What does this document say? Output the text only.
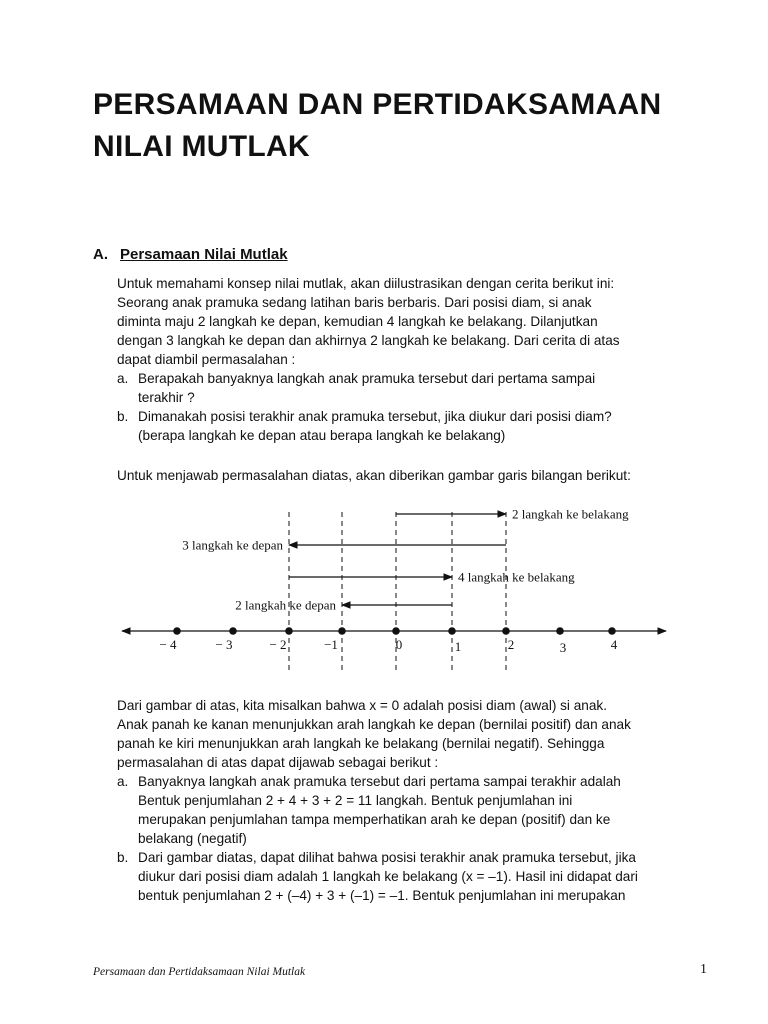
PERSAMAAN DAN PERTIDAKSAMAAN
NILAI MUTLAK
A. Persamaan Nilai Mutlak
Untuk memahami konsep nilai mutlak, akan diilustrasikan dengan cerita berikut ini:
Seorang anak pramuka sedang latihan baris berbaris. Dari posisi diam, si anak
diminta maju 2 langkah ke depan, kemudian 4 langkah ke belakang. Dilanjutkan
dengan 3 langkah ke depan dan akhirnya 2 langkah ke belakang. Dari cerita di atas
dapat diambil permasalahan :
a. Berapakah banyaknya langkah anak pramuka tersebut dari pertama sampai
terakhir ?
b. Dimanakah posisi terakhir anak pramuka tersebut, jika diukur dari posisi diam?
(berapa langkah ke depan atau berapa langkah ke belakang)
Untuk menjawab permasalahan diatas, akan diberikan gambar garis bilangan berikut:
− 4	− 3	− 2	−1	0	1	2	3	4
2 langkah ke belakang
3 langkah ke depan
4 langkah ke belakang
2 langkah ke depan
Dari gambar di atas, kita misalkan bahwa x = 0 adalah posisi diam (awal) si anak.
Anak panah ke kanan menunjukkan arah langkah ke depan (bernilai positif) dan anak
panah ke kiri menunjukkan arah langkah ke belakang (bernilai negatif). Sehingga
permasalahan di atas dapat dijawab sebagai berikut :
a. Banyaknya langkah anak pramuka tersebut dari pertama sampai terakhir adalah
Bentuk penjumlahan 2 + 4 + 3 + 2 = 11 langkah. Bentuk penjumlahan ini
merupakan penjumlahan tampa memperhatikan arah ke depan (positif) dan ke
belakang (negatif)
b. Dari gambar diatas, dapat dilihat bahwa posisi terakhir anak pramuka tersebut, jika
diukur dari posisi diam adalah 1 langkah ke belakang (x = –1). Hasil ini didapat dari
bentuk penjumlahan 2 + (–4) + 3 + (–1) = –1. Bentuk penjumlahan ini merupakan
Persamaan dan Pertidaksamaan Nilai Mutlak	1
